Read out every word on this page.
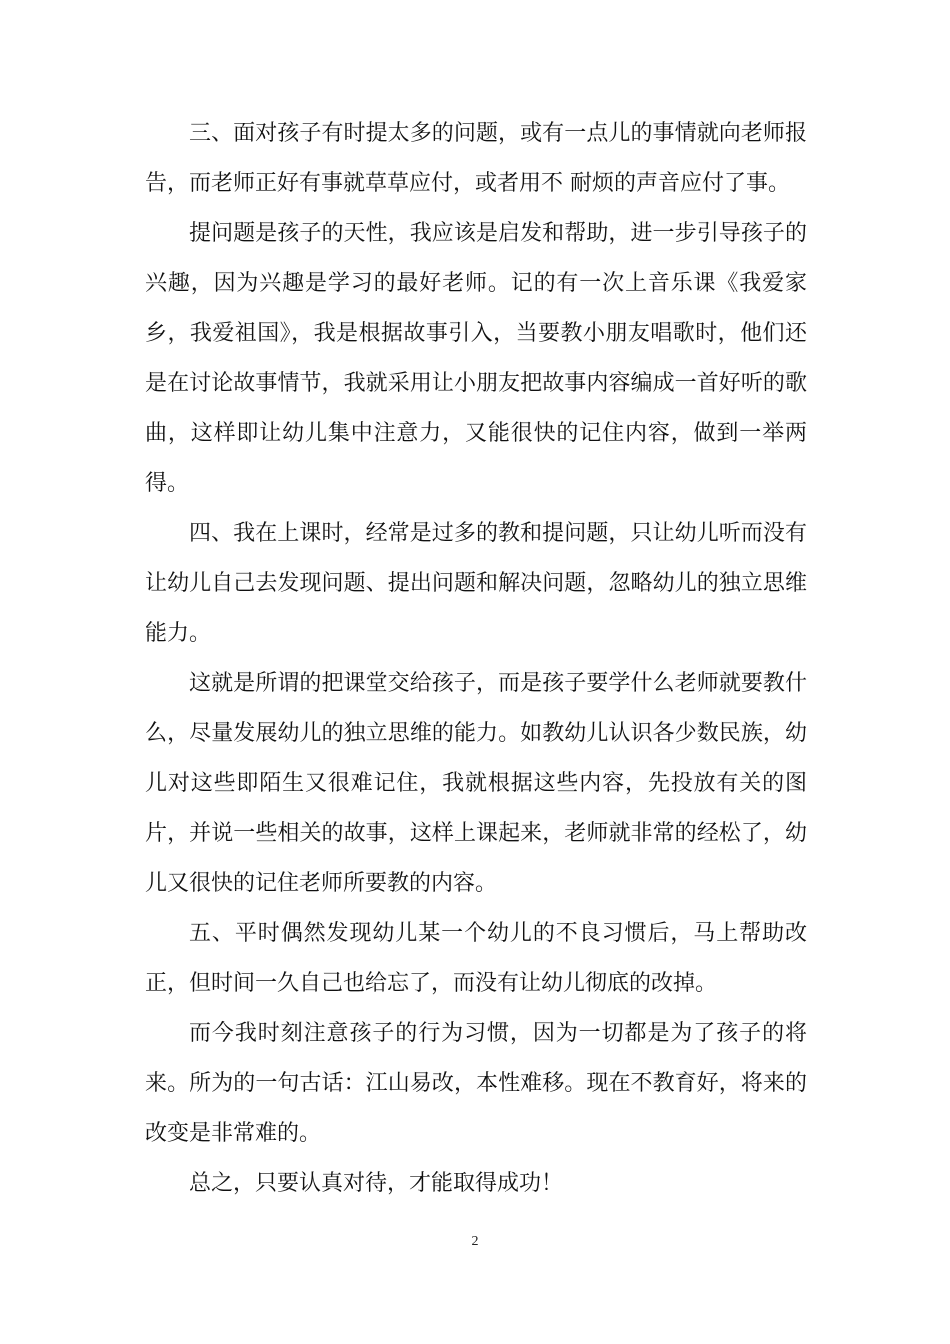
三、面对孩子有时提太多的问题，或有一点儿的事情就向老师报告，而老师正好有事就草草应付，或者用不 耐烦的声音应付了事。

提问题是孩子的天性，我应该是启发和帮助，进一步引导孩子的兴趣，因为兴趣是学习的最好老师。记的有一次上音乐课《我爱家乡，我爱祖国》，我是根据故事引入，当要教小朋友唱歌时，他们还是在讨论故事情节，我就采用让小朋友把故事内容编成一首好听的歌曲，这样即让幼儿集中注意力，又能很快的记住内容，做到一举两得。

四、我在上课时，经常是过多的教和提问题，只让幼儿听而没有让幼儿自己去发现问题、提出问题和解决问题，忽略幼儿的独立思维能力。

这就是所谓的把课堂交给孩子，而是孩子要学什么老师就要教什么，尽量发展幼儿的独立思维的能力。如教幼儿认识各少数民族，幼儿对这些即陌生又很难记住，我就根据这些内容，先投放有关的图片，并说一些相关的故事，这样上课起来，老师就非常的经松了，幼儿又很快的记住老师所要教的内容。

五、平时偶然发现幼儿某一个幼儿的不良习惯后，马上帮助改正，但时间一久自己也给忘了，而没有让幼儿彻底的改掉。

而今我时刻注意孩子的行为习惯，因为一切都是为了孩子的将来。所为的一句古话：江山易改，本性难移。现在不教育好，将来的改变是非常难的。

总之，只要认真对待，才能取得成功！

2
